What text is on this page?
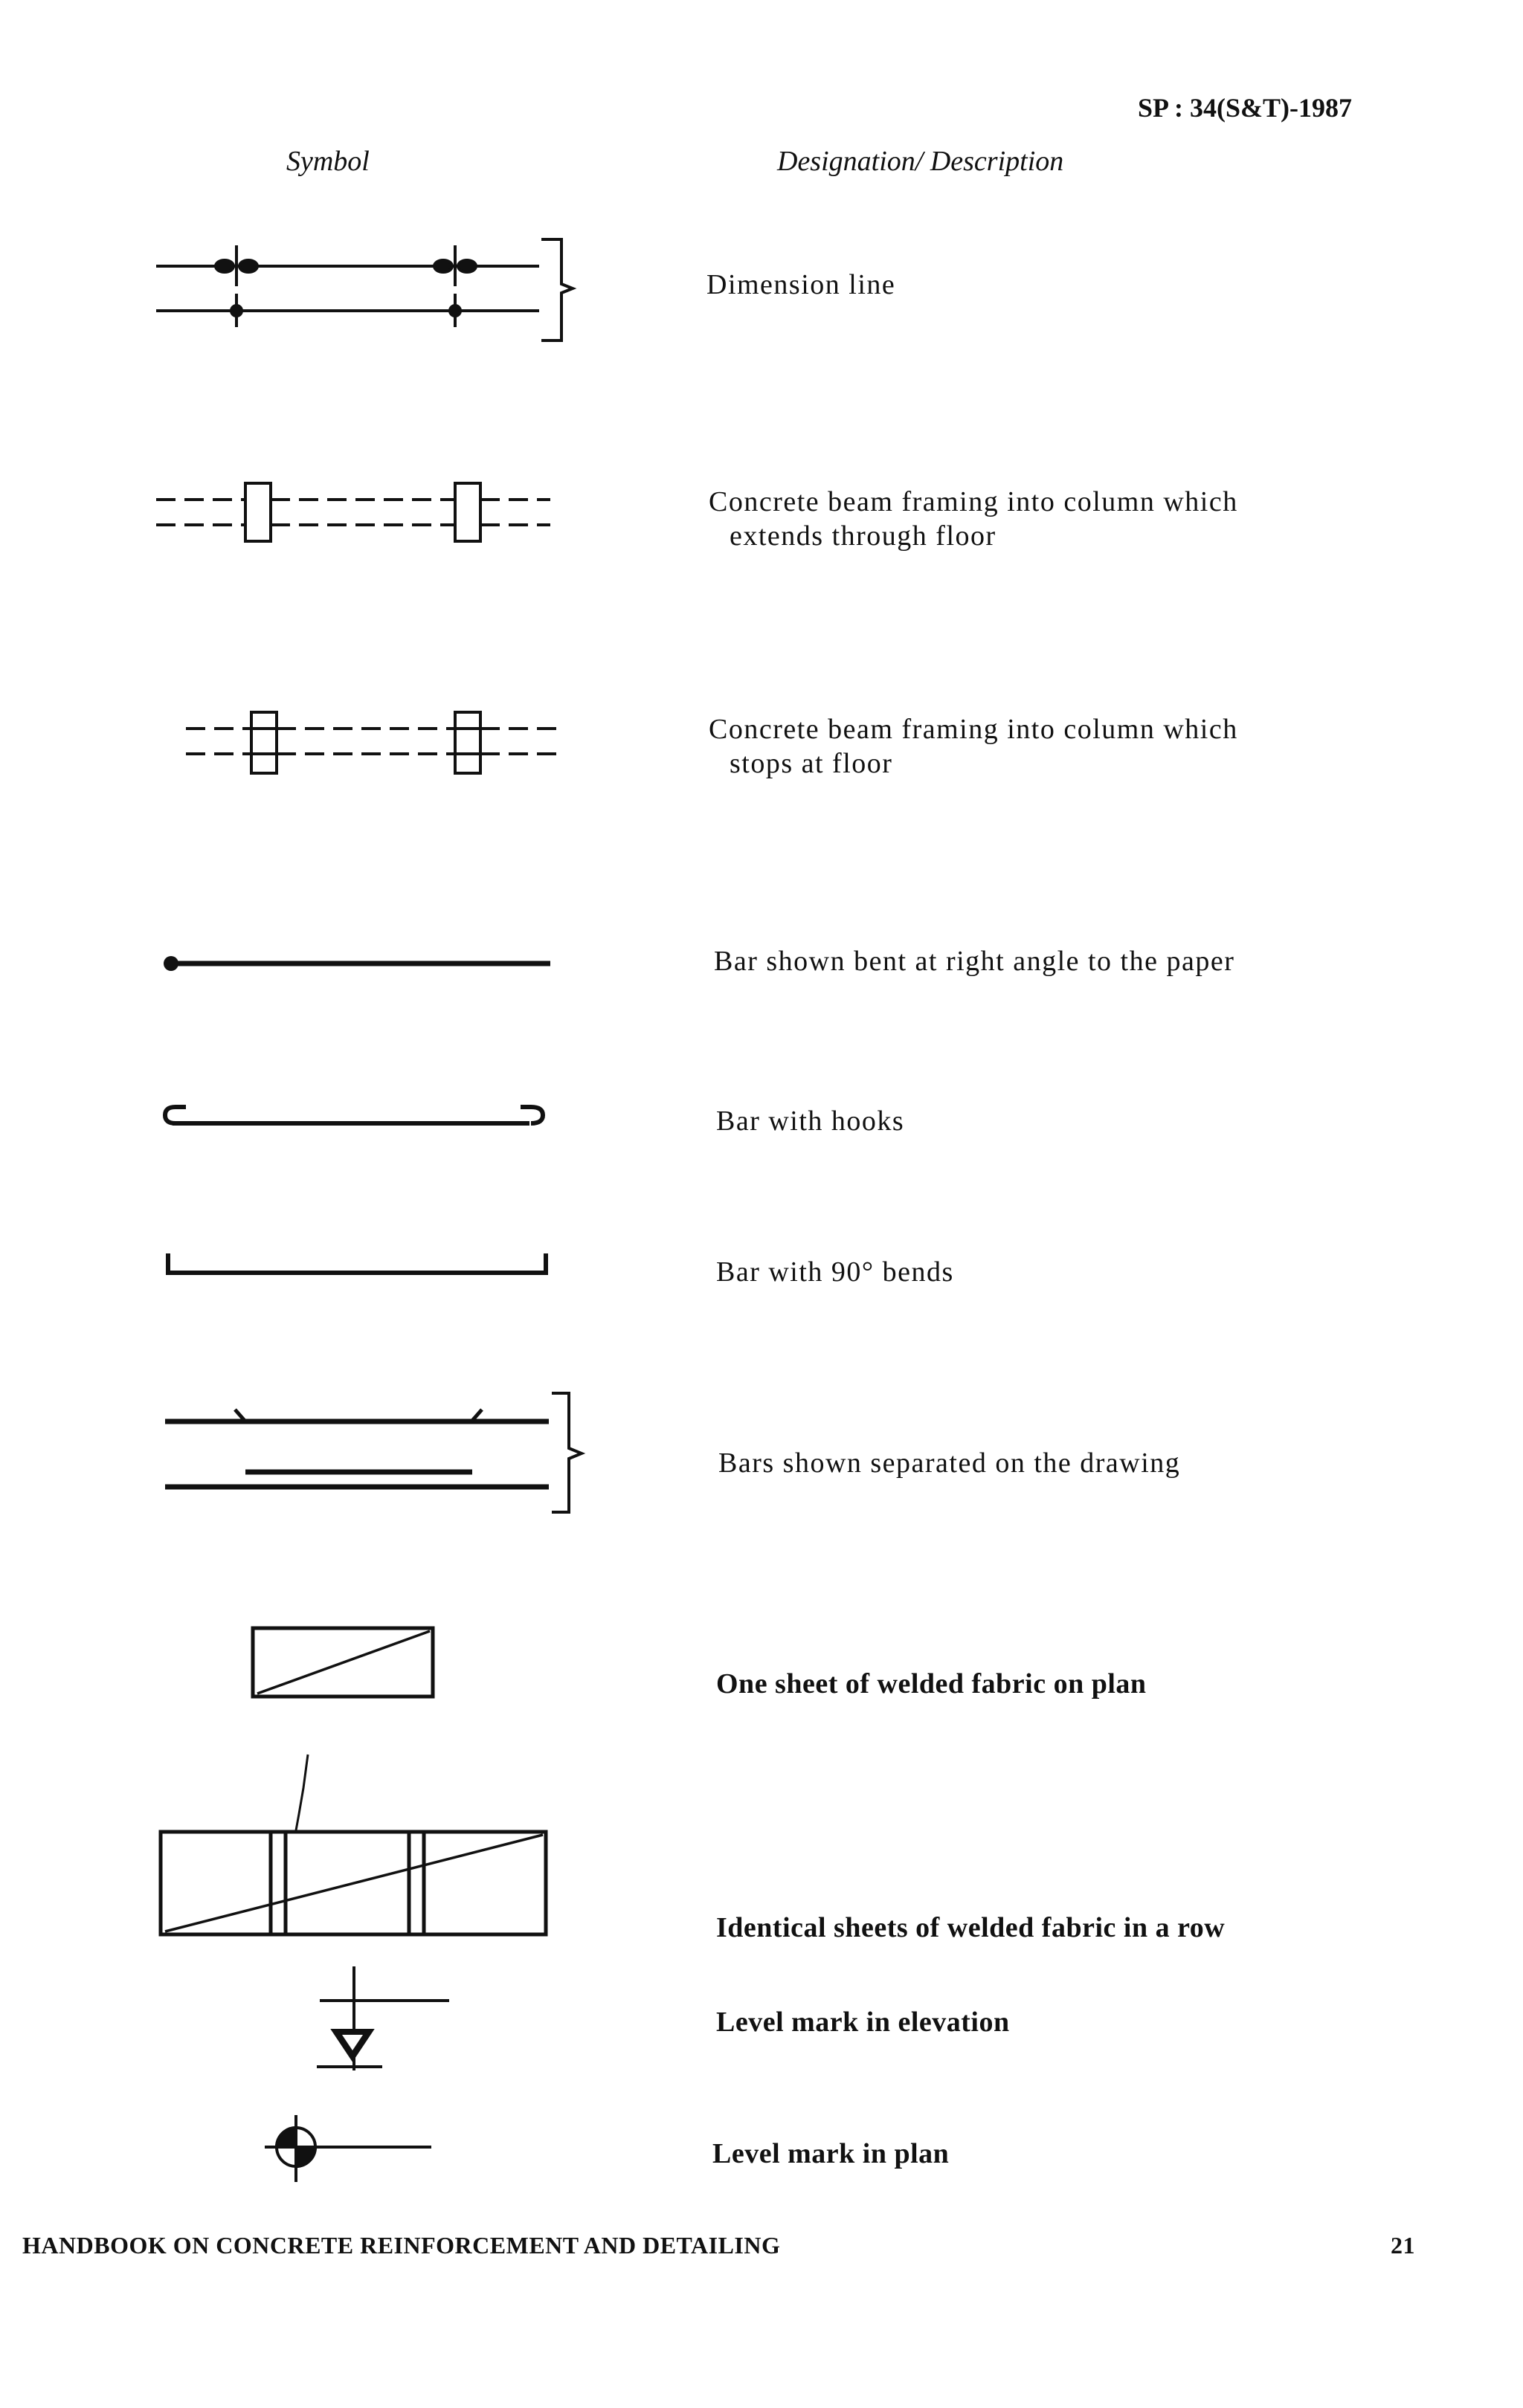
SP : 34(S&T)-1987
Symbol	Designation/ Description
Dimension line
Concrete beam framing into column which
extends through floor
Concrete beam framing into column which
stops at floor
Bar shown bent at right angle to the paper
Bar with hooks
Bar with 90° bends
Bars shown separated on the drawing
One sheet of welded fabric on plan
Identical sheets of welded fabric in a row
Level mark in elevation
Level mark in plan
HANDBOOK ON CONCRETE REINFORCEMENT AND DETAILING	21
